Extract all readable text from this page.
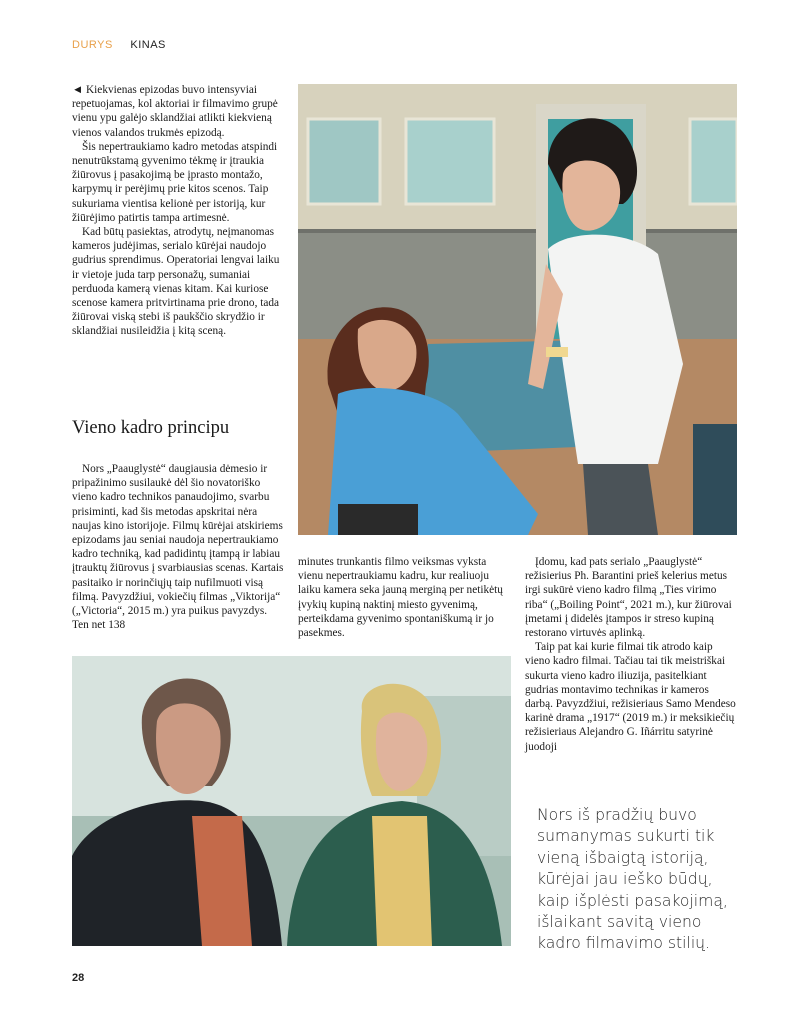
DURYS KINAS

◄ Kiekvienas epizodas buvo intensyviai repetuojamas, kol aktoriai ir filmavimo grupė vienu ypu galėjo sklandžiai atlikti kiekvieną vienos valandos trukmės epizodą.

Šis nepertraukiamo kadro metodas atspindi nenutrūkstamą gyvenimo tėkmę ir įtraukia žiūrovus į pasakojimą be įprasto montažo, karpymų ir perėjimų prie kitos scenos. Taip sukuriama vientisa kelionė per istoriją, kur žiūrėjimo patirtis tampa artimesnė.

Kad būtų pasiektas, atrodytų, neįmanomas kameros judėjimas, serialo kūrėjai naudojo gudrius sprendimus. Operatoriai lengvai laiku ir vietoje juda tarp personažų, sumaniai perduoda kamerą vienas kitam. Kai kuriose scenose kamera pritvirtinama prie drono, tada žiūrovai viską stebi iš paukščio skrydžio ir sklandžiai nusileidžia į kitą sceną.

Vieno kadro principu

Nors „Paauglystė“ daugiausia dėmesio ir pripažinimo susilaukė dėl šio novatoriško vieno kadro technikos panaudojimo, svarbu prisiminti, kad šis metodas apskritai nėra naujas kino istorijoje. Filmų kūrėjai atskiriems epizodams jau seniai naudoja nepertraukiamo kadro techniką, kad padidintų įtampą ir labiau įtrauktų žiūrovus į svarbiausias scenas. Kartais pasitaiko ir norinčiųjų taip nufilmuoti visą filmą. Pavyzdžiui, vokiečių filmas „Viktorija“ („Victoria“, 2015 m.) yra puikus pavyzdys. Ten net 138

minutes trunkantis filmo veiksmas vyksta vienu nepertraukiamu kadru, kur realiuoju laiku kamera seka jauną merginą per netikėtų įvykių kupiną naktinį miesto gyvenimą, perteikdama gyvenimo spontaniškumą ir jo pasekmes.

Įdomu, kad pats serialo „Paauglystė“ režisierius Ph. Barantini prieš kelerius metus irgi sukūrė vieno kadro filmą „Ties virimo riba“ („Boiling Point“, 2021 m.), kur žiūrovai įmetami į didelės įtampos ir streso kupiną restorano virtuvės aplinką.

Taip pat kai kurie filmai tik atrodo kaip vieno kadro filmai. Tačiau tai tik meistriškai sukurta vieno kadro iliuzija, pasitelkiant gudrias montavimo technikas ir kameros darbą. Pavyzdžiui, režisieriaus Samo Mendeso karinė drama „1917“ (2019 m.) ir meksikiečių režisieriaus Alejandro G. Iñárritu satyrinė juodoji

Nors iš pradžių buvo sumanymas sukurti tik vieną išbaigtą istoriją, kūrėjai jau ieško būdų, kaip išplėsti pasakojimą, išlaikant savitą vieno kadro filmavimo stilių.
28
